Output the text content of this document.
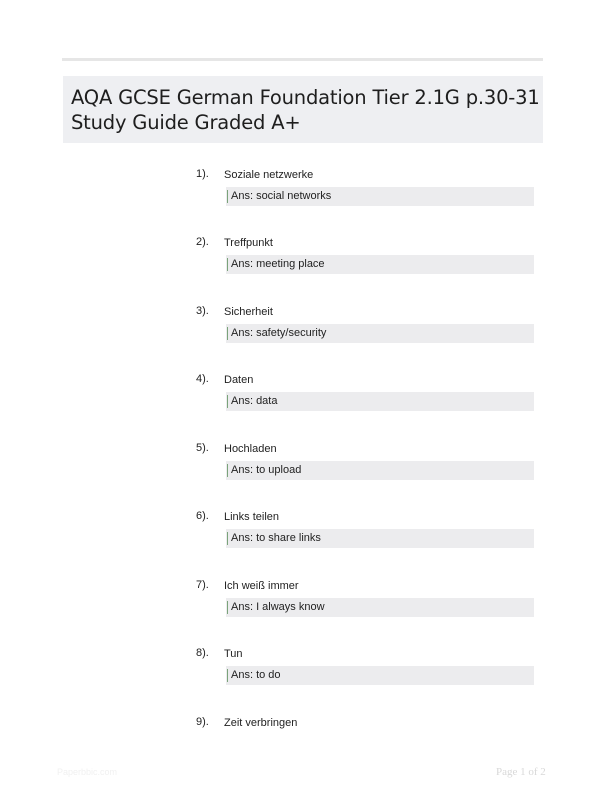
AQA GCSE German Foundation Tier 2.1G p.30-31
Study Guide Graded A+
1). Soziale netzwerke
Ans: social networks
2). Treffpunkt
Ans: meeting place
3). Sicherheit
Ans: safety/security
4). Daten
Ans: data
5). Hochladen
Ans: to upload
6). Links teilen
Ans: to share links
7). Ich weiß immer
Ans: I always know
8). Tun
Ans: to do
9). Zeit verbringen
Paperbbic.com	Page 1 of 2
